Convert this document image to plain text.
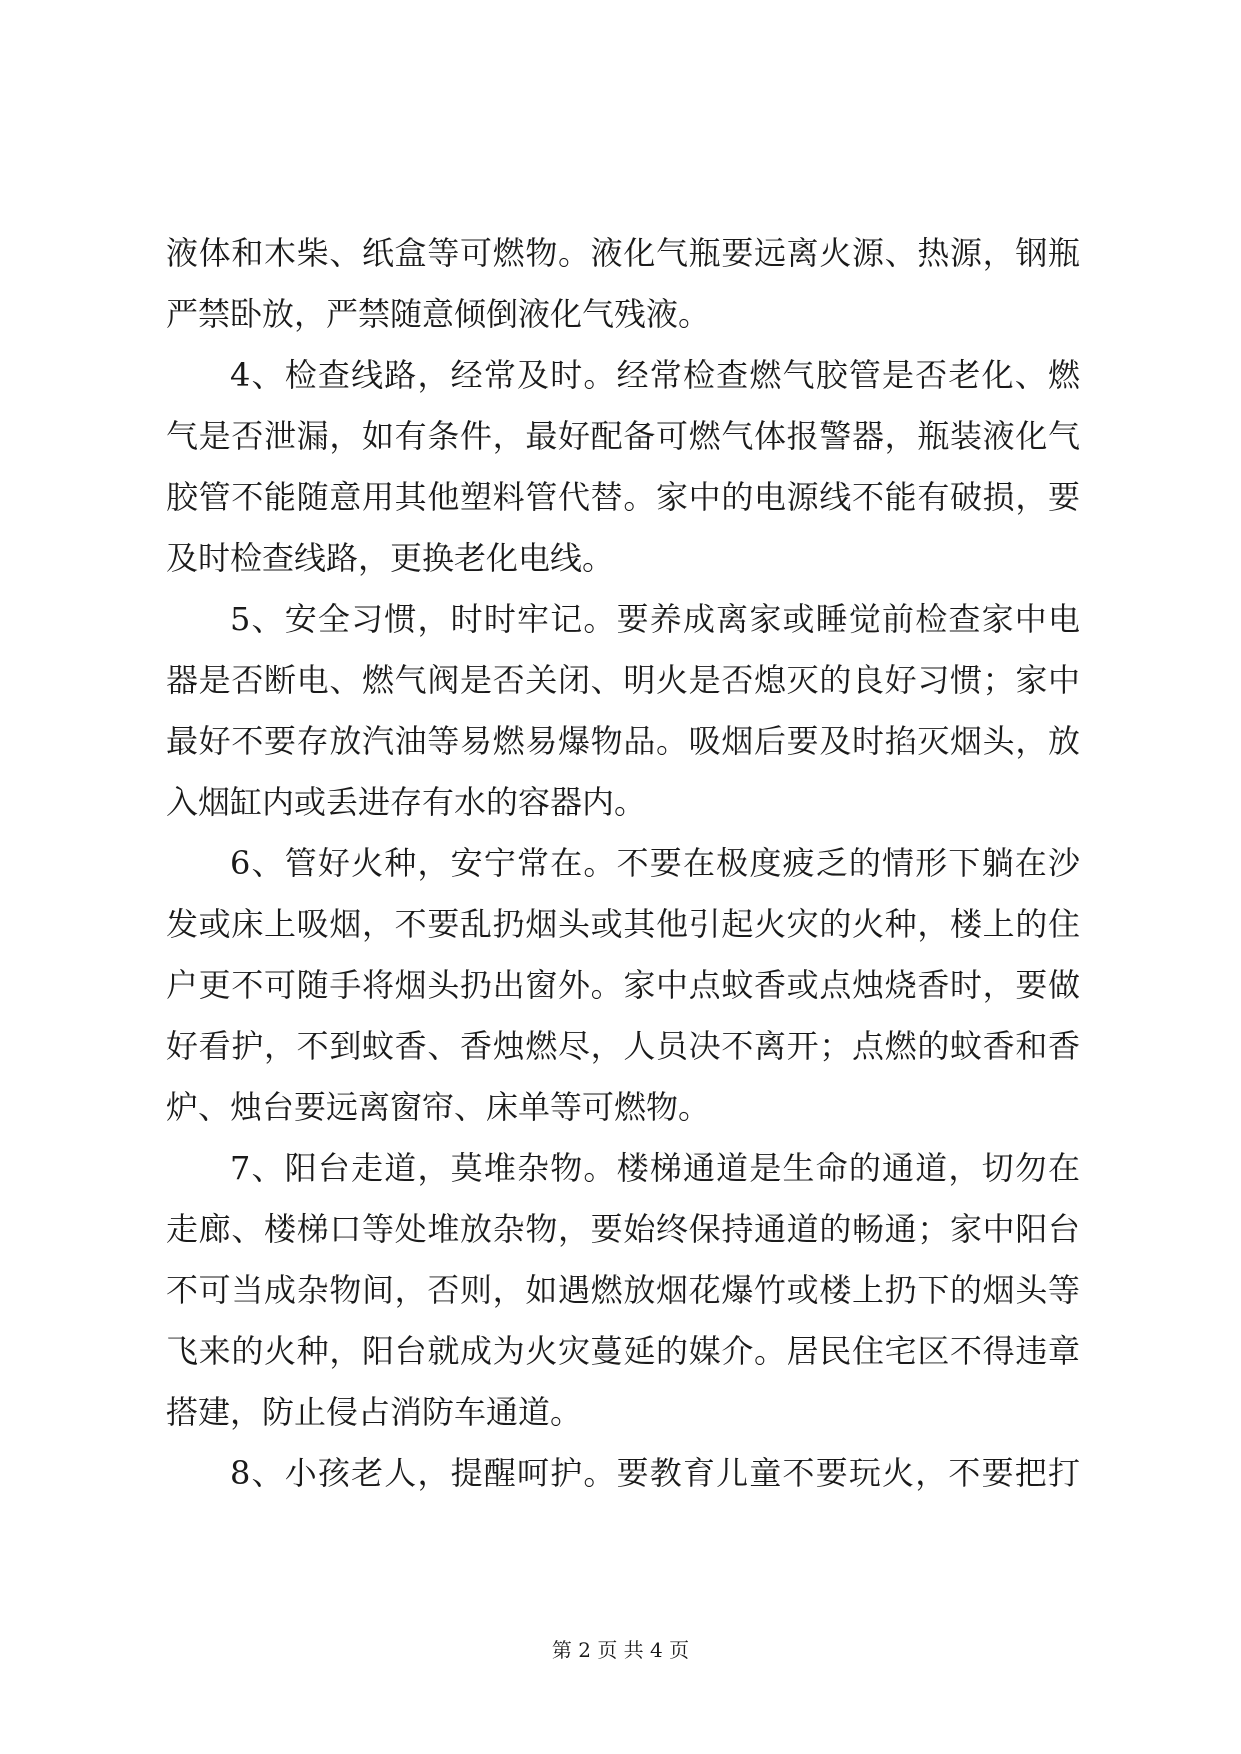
液体和木柴、纸盒等可燃物。液化气瓶要远离火源、热源，钢瓶
严禁卧放，严禁随意倾倒液化气残液。
4、检查线路，经常及时。经常检查燃气胶管是否老化、燃
气是否泄漏，如有条件，最好配备可燃气体报警器，瓶装液化气
胶管不能随意用其他塑料管代替。家中的电源线不能有破损，要
及时检查线路，更换老化电线。
5、安全习惯，时时牢记。要养成离家或睡觉前检查家中电
器是否断电、燃气阀是否关闭、明火是否熄灭的良好习惯；家中
最好不要存放汽油等易燃易爆物品。吸烟后要及时掐灭烟头，放
入烟缸内或丢进存有水的容器内。
6、管好火种，安宁常在。不要在极度疲乏的情形下躺在沙
发或床上吸烟，不要乱扔烟头或其他引起火灾的火种，楼上的住
户更不可随手将烟头扔出窗外。家中点蚊香或点烛烧香时，要做
好看护，不到蚊香、香烛燃尽，人员决不离开；点燃的蚊香和香
炉、烛台要远离窗帘、床单等可燃物。
7、阳台走道，莫堆杂物。楼梯通道是生命的通道，切勿在
走廊、楼梯口等处堆放杂物，要始终保持通道的畅通；家中阳台
不可当成杂物间，否则，如遇燃放烟花爆竹或楼上扔下的烟头等
飞来的火种，阳台就成为火灾蔓延的媒介。居民住宅区不得违章
搭建，防止侵占消防车通道。
8、小孩老人，提醒呵护。要教育儿童不要玩火，不要把打
第 2 页 共 4 页
